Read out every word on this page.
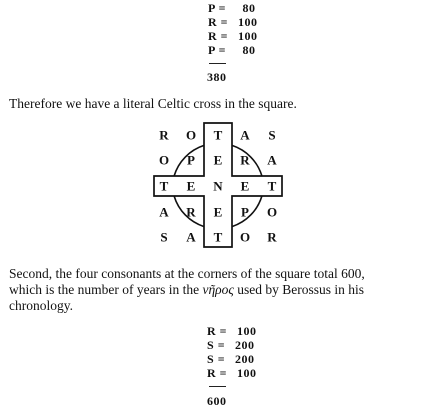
P = 80
R = 100
R = 100
P = 80
380
Therefore we have a literal Celtic cross in the square.
R O T A S
O P E R A
T E N E T
A R E P O
S A T O R
Second, the four consonants at the corners of the square total 600,
which is the number of years in the νῆρος used by Berossus in his
chronology.
R = 100
S = 200
S = 200
R = 100
600
